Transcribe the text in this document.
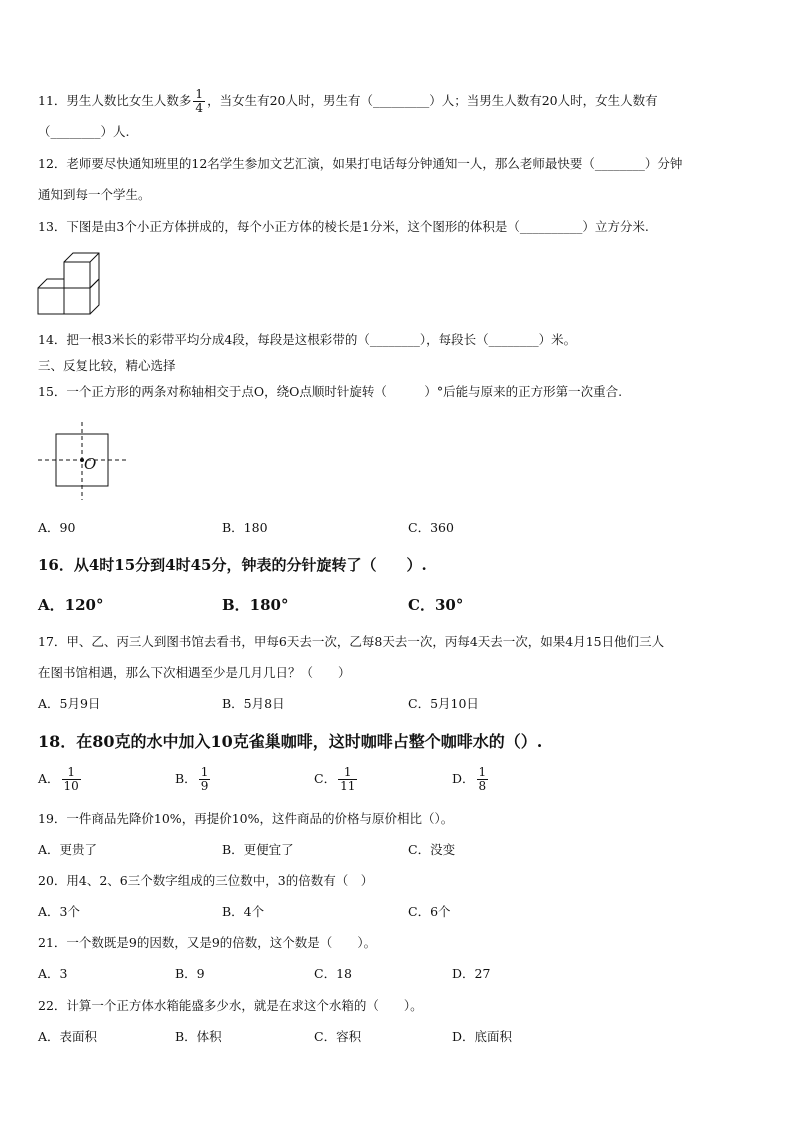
11．男生人数比女生人数多 $\frac{1}{4}$ ，当女生有20人时，男生有（_________）人；当男生人数有20人时，女生人数有
（________）人.
12．老师要尽快通知班里的12名学生参加文艺汇演，如果打电话每分钟通知一人，那么老师最快要（________）分钟
通知到每一个学生。
13．下图是由3个小正方体拼成的，每个小正方体的棱长是1分米，这个图形的体积是（__________）立方分米.
14．把一根3米长的彩带平均分成4段，每段是这根彩带的（________），每段长（________）米。
三、反复比较，精心选择
15．一个正方形的两条对称轴相交于点O，绕O点顺时针旋转（　　　）°后能与原来的正方形第一次重合.
O
A．90	B．180	C．360
16．从4时15分到4时45分，钟表的分针旋转了（　　）.
A．120°	B．180°	C．30°
17．甲、乙、丙三人到图书馆去看书，甲每6天去一次，乙每8天去一次，丙每4天去一次，如果4月15日他们三人
在图书馆相遇，那么下次相遇至少是几月几日？（　　）
A．5月9日	B．5月8日	C．5月10日
18．在80克的水中加入10克雀巢咖啡，这时咖啡占整个咖啡水的（）.
A． $\frac{1}{10}$	B． $\frac{1}{9}$	C． $\frac{1}{11}$	D． $\frac{1}{8}$
19．一件商品先降价10%，再提价10%，这件商品的价格与原价相比（）。
A．更贵了	B．更便宜了	C．没变
20．用4、2、6三个数字组成的三位数中，3的倍数有（　）
A．3个	B．4个	C．6个
21．一个数既是9的因数，又是9的倍数，这个数是（　　）。
A．3	B．9	C．18	D．27
22．计算一个正方体水箱能盛多少水，就是在求这个水箱的（　　）。
A．表面积	B．体积	C．容积	D．底面积
